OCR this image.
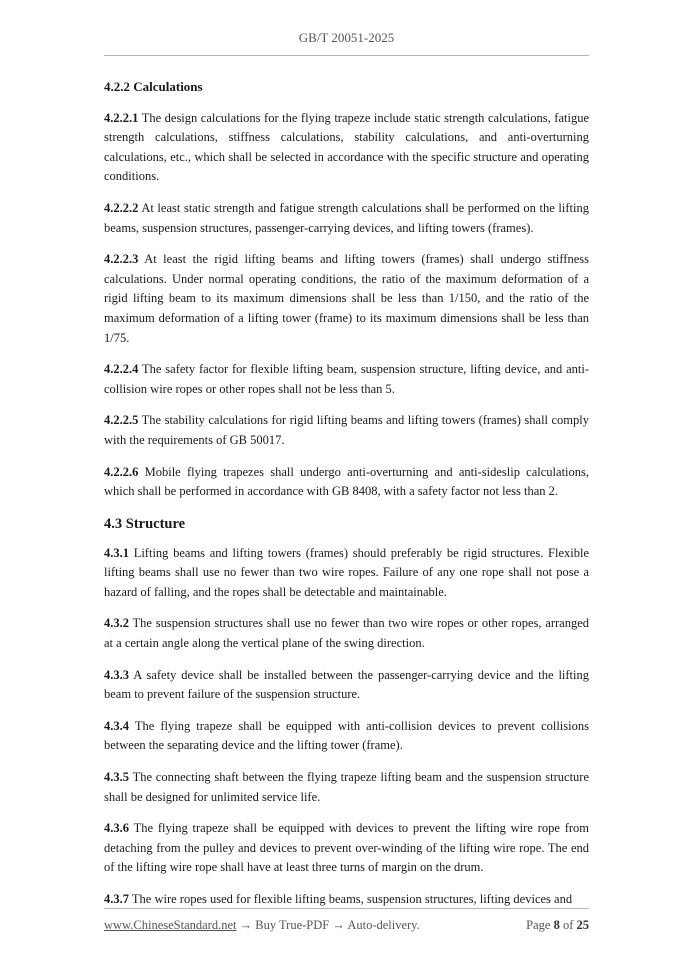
GB/T 20051-2025
4.2.2 Calculations

4.2.2.1 The design calculations for the flying trapeze include static strength calculations, fatigue strength calculations, stiffness calculations, stability calculations, and anti-overturning calculations, etc., which shall be selected in accordance with the specific structure and operating conditions.

4.2.2.2 At least static strength and fatigue strength calculations shall be performed on the lifting beams, suspension structures, passenger-carrying devices, and lifting towers (frames).

4.2.2.3 At least the rigid lifting beams and lifting towers (frames) shall undergo stiffness calculations. Under normal operating conditions, the ratio of the maximum deformation of a rigid lifting beam to its maximum dimensions shall be less than 1/150, and the ratio of the maximum deformation of a lifting tower (frame) to its maximum dimensions shall be less than 1/75.

4.2.2.4 The safety factor for flexible lifting beam, suspension structure, lifting device, and anti-collision wire ropes or other ropes shall not be less than 5.

4.2.2.5 The stability calculations for rigid lifting beams and lifting towers (frames) shall comply with the requirements of GB 50017.

4.2.2.6 Mobile flying trapezes shall undergo anti-overturning and anti-sideslip calculations, which shall be performed in accordance with GB 8408, with a safety factor not less than 2.

4.3 Structure

4.3.1 Lifting beams and lifting towers (frames) should preferably be rigid structures. Flexible lifting beams shall use no fewer than two wire ropes. Failure of any one rope shall not pose a hazard of falling, and the ropes shall be detectable and maintainable.

4.3.2 The suspension structures shall use no fewer than two wire ropes or other ropes, arranged at a certain angle along the vertical plane of the swing direction.

4.3.3 A safety device shall be installed between the passenger-carrying device and the lifting beam to prevent failure of the suspension structure.

4.3.4 The flying trapeze shall be equipped with anti-collision devices to prevent collisions between the separating device and the lifting tower (frame).

4.3.5 The connecting shaft between the flying trapeze lifting beam and the suspension structure shall be designed for unlimited service life.

4.3.6 The flying trapeze shall be equipped with devices to prevent the lifting wire rope from detaching from the pulley and devices to prevent over-winding of the lifting wire rope. The end of the lifting wire rope shall have at least three turns of margin on the drum.

4.3.7 The wire ropes used for flexible lifting beams, suspension structures, lifting devices and

www.ChineseStandard.net → Buy True-PDF → Auto-delivery.	Page 8 of 25
